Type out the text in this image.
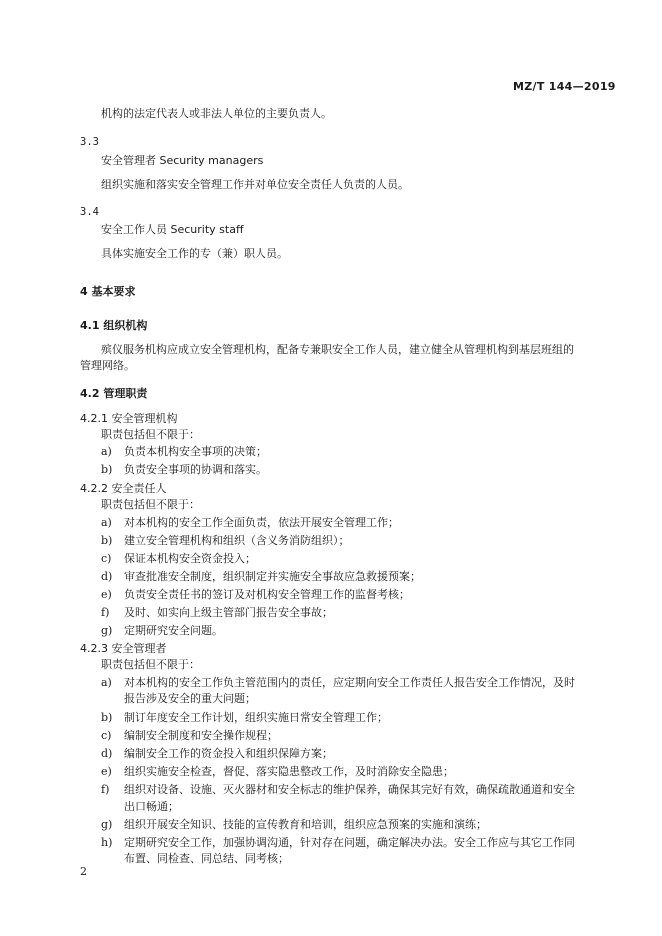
MZ/T 144—2019
机构的法定代表人或非法人单位的主要负责人。
3.3
安全管理者 Security managers
组织实施和落实安全管理工作并对单位安全责任人负责的人员。
3.4
安全工作人员 Security staff
具体实施安全工作的专（兼）职人员。
4 基本要求
4.1 组织机构
殡仪服务机构应成立安全管理机构，配备专兼职安全工作人员，建立健全从管理机构到基层班组的
管理网络。
4.2 管理职责
4.2.1 安全管理机构
职责包括但不限于：
a) 负责本机构安全事项的决策；
b) 负责安全事项的协调和落实。
4.2.2 安全责任人
职责包括但不限于：
a) 对本机构的安全工作全面负责，依法开展安全管理工作；
b) 建立安全管理机构和组织（含义务消防组织）；
c) 保证本机构安全资金投入；
d) 审查批准安全制度，组织制定并实施安全事故应急救援预案；
e) 负责安全责任书的签订及对机构安全管理工作的监督考核；
f) 及时、如实向上级主管部门报告安全事故；
g) 定期研究安全问题。
4.2.3 安全管理者
职责包括但不限于：
a) 对本机构的安全工作负主管范围内的责任，应定期向安全工作责任人报告安全工作情况，及时
报告涉及安全的重大问题；
b) 制订年度安全工作计划，组织实施日常安全管理工作；
c) 编制安全制度和安全操作规程；
d) 编制安全工作的资金投入和组织保障方案；
e) 组织实施安全检查，督促、落实隐患整改工作，及时消除安全隐患；
f) 组织对设备、设施、灭火器材和安全标志的维护保养，确保其完好有效，确保疏散通道和安全
出口畅通；
g) 组织开展安全知识、技能的宣传教育和培训，组织应急预案的实施和演练；
h) 定期研究安全工作，加强协调沟通，针对存在问题，确定解决办法。安全工作应与其它工作同
布置、同检查、同总结、同考核；
2
